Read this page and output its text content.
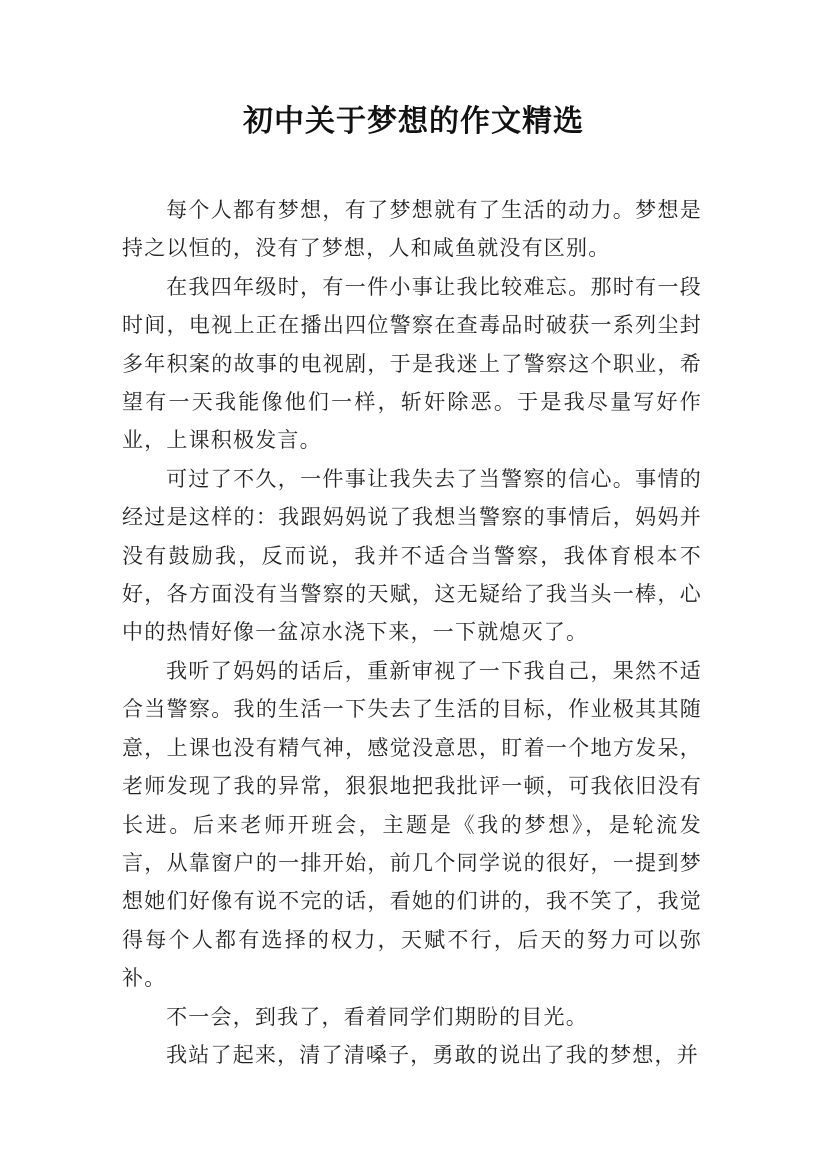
初中关于梦想的作文精选

每个人都有梦想，有了梦想就有了生活的动力。梦想是持之以恒的，没有了梦想，人和咸鱼就没有区别。

在我四年级时，有一件小事让我比较难忘。那时有一段时间，电视上正在播出四位警察在查毒品时破获一系列尘封多年积案的故事的电视剧，于是我迷上了警察这个职业，希望有一天我能像他们一样，斩奸除恶。于是我尽量写好作业，上课积极发言。

可过了不久，一件事让我失去了当警察的信心。事情的经过是这样的：我跟妈妈说了我想当警察的事情后，妈妈并没有鼓励我，反而说，我并不适合当警察，我体育根本不好，各方面没有当警察的天赋，这无疑给了我当头一棒，心中的热情好像一盆凉水浇下来，一下就熄灭了。

我听了妈妈的话后，重新审视了一下我自己，果然不适合当警察。我的生活一下失去了生活的目标，作业极其其随意，上课也没有精气神，感觉没意思，盯着一个地方发呆，老师发现了我的异常，狠狠地把我批评一顿，可我依旧没有长进。后来老师开班会，主题是《我的梦想》，是轮流发言，从靠窗户的一排开始，前几个同学说的很好，一提到梦想她们好像有说不完的话，看她的们讲的，我不笑了，我觉得每个人都有选择的权力，天赋不行，后天的努力可以弥补。

不一会，到我了，看着同学们期盼的目光。

我站了起来，清了清嗓子，勇敢的说出了我的梦想，并
